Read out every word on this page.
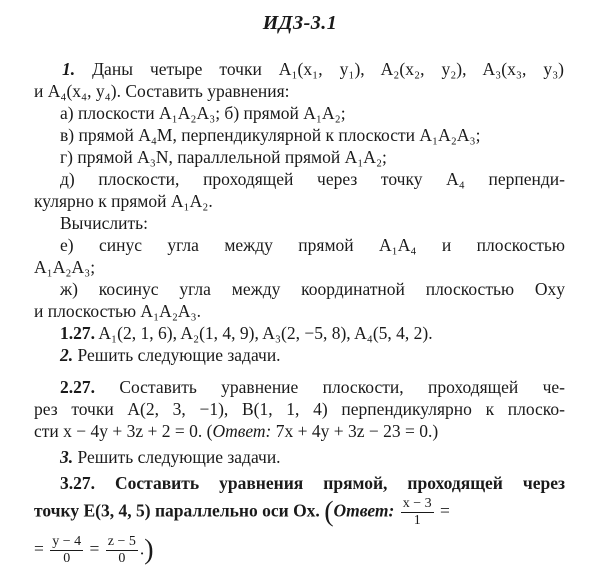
ИДЗ-3.1
1. Даны четыре точки A₁(x₁, y₁), A₂(x₂, y₂), A₃(x₃, y₃)
и A₄(x₄, y₄). Составить уравнения:
а) плоскости A₁A₂A₃; б) прямой A₁A₂;
в) прямой A₄M, перпендикулярной к плоскости A₁A₂A₃;
г) прямой A₃N, параллельной прямой A₁A₂;
д) плоскости, проходящей через точку A₄ перпенди-
кулярно к прямой A₁A₂.
Вычислить:
е) синус угла между прямой A₁A₄ и плоскостью
A₁A₂A₃;
ж) косинус угла между координатной плоскостью Oxy
и плоскостью A₁A₂A₃.
1.27. A₁(2, 1, 6), A₂(1, 4, 9), A₃(2, −5, 8), A₄(5, 4, 2).
2. Решить следующие задачи.
2.27. Составить уравнение плоскости, проходящей че-
рез точки A(2, 3, −1), B(1, 1, 4) перпендикулярно к плоско-
сти x − 4y + 3z + 2 = 0. (Ответ: 7x + 4y + 3z − 23 = 0.)
3. Решить следующие задачи.
3.27. Составить уравнения прямой, проходящей через
точку E(3, 4, 5) параллельно оси Ox. (Ответ: $\frac{x - 3}{1}$ =
= $\frac{y - 4}{0} = \frac{z - 5}{0}$ .)
